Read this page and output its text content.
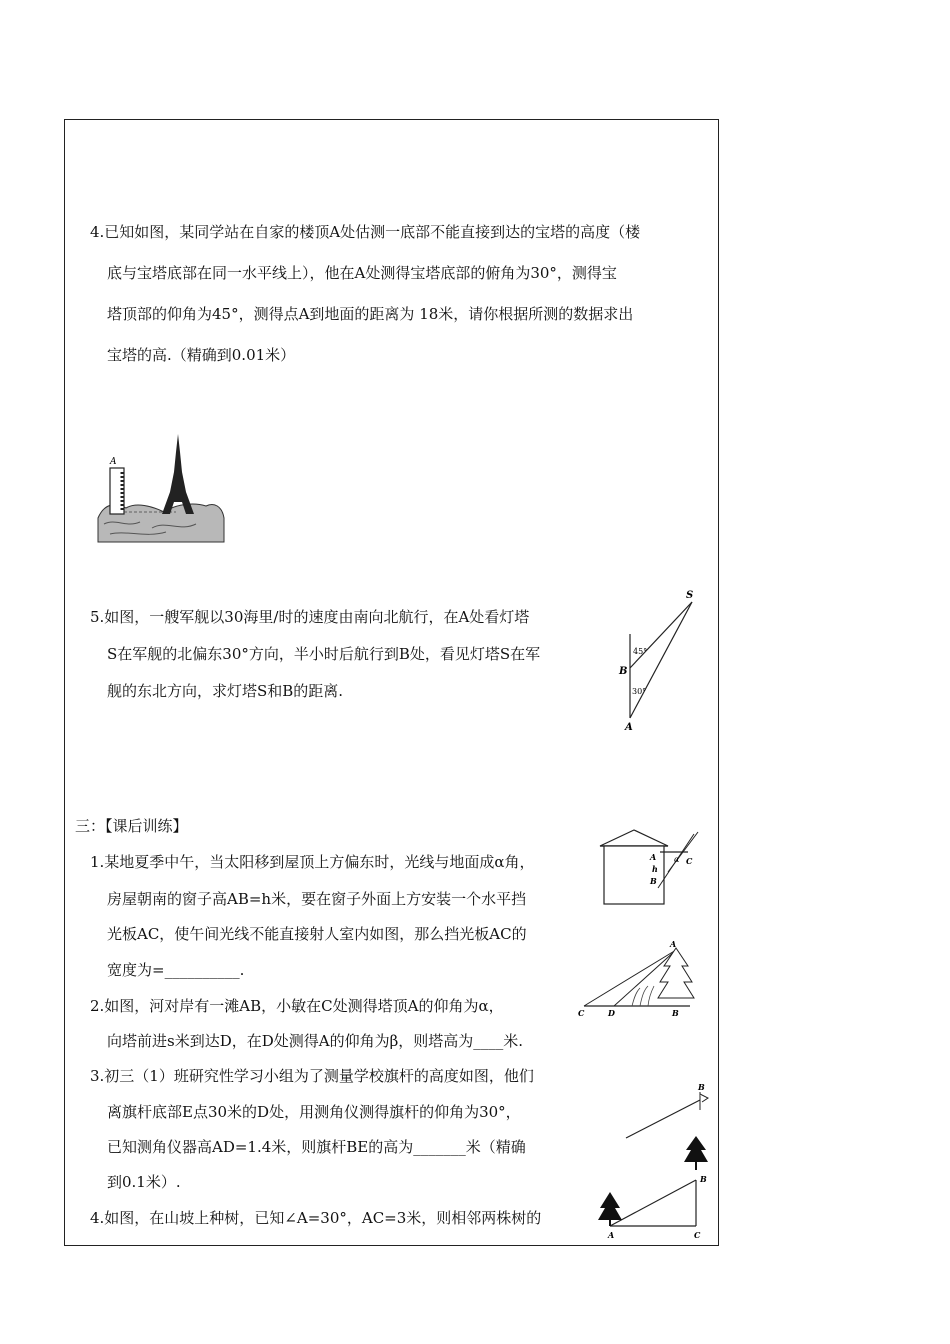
4.已知如图，某同学站在自家的楼顶A处估测一底部不能直接到达的宝塔的高度（楼
底与宝塔底部在同一水平线上），他在A处测得宝塔底部的俯角为30°，测得宝
塔顶部的仰角为45°，测得点A到地面的距离为 18米，请你根据所测的数据求出
宝塔的高.（精确到0.01米）
A
5.如图，一艘军舰以30海里/时的速度由南向北航行，在A处看灯塔
S在军舰的北偏东30°方向，半小时后航行到B处，看见灯塔S在军
舰的东北方向，求灯塔S和B的距离.
S
B
A
45°
30°
三：【课后训练】
1.某地夏季中午，当太阳移到屋顶上方偏东时，光线与地面成α角，
房屋朝南的窗子高AB=h米，要在窗子外面上方安装一个水平挡
光板AC，使午间光线不能直接射人室内如图，那么挡光板AC的
宽度为=__________.
A
h
B
α C
2.如图，河对岸有一滩AB，小敏在C处测得塔顶A的仰角为α，
向塔前进s米到达D，在D处测得A的仰角为β，则塔高为____米.
A
C	D	B
3.初三（1）班研究性学习小组为了测量学校旗杆的高度如图，他们
离旗杆底部E点30米的D处，用测角仪测得旗杆的仰角为30°，
已知测角仪器高AD=1.4米，则旗杆BE的高为_______米（精确
到0.1米）.
B
4.如图，在山坡上种树，已知∠A=30°，AC=3米，则相邻两株树的
B
A	C
